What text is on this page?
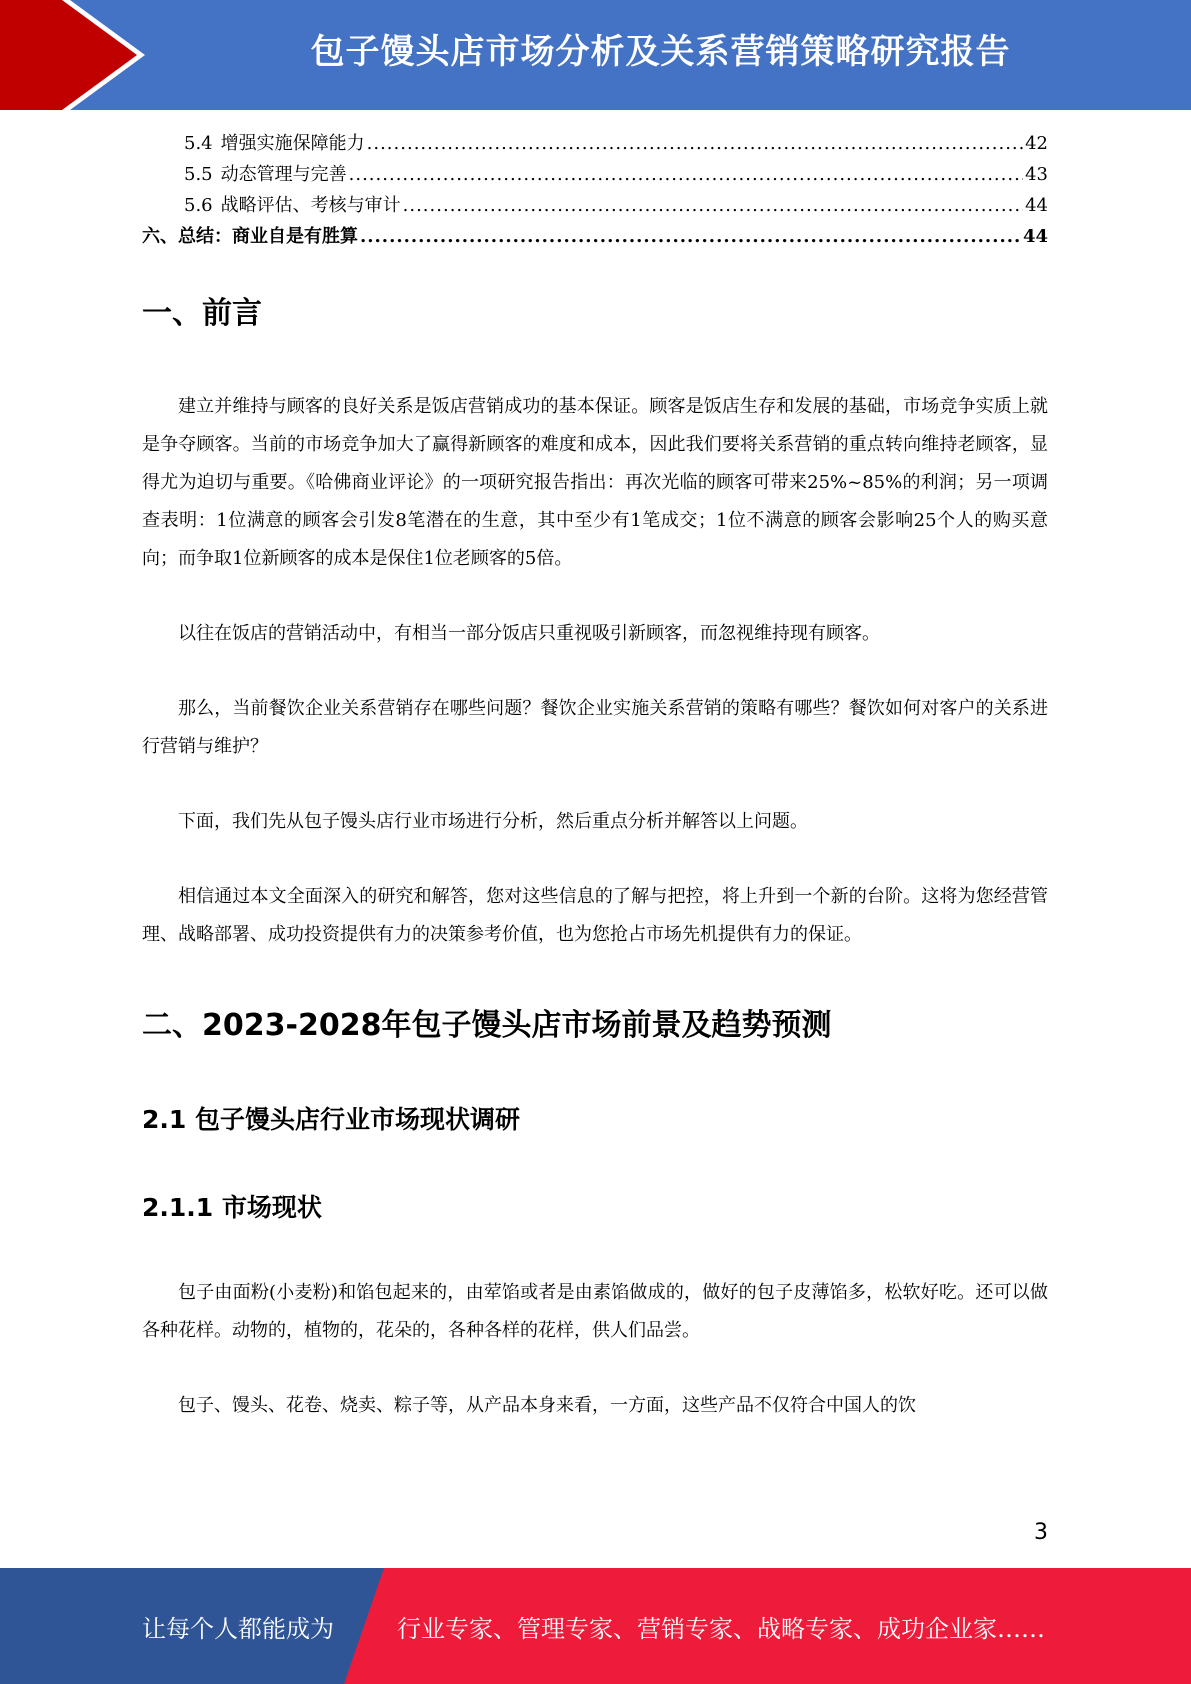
包子馒头店市场分析及关系营销策略研究报告
5.4 增强实施保障能力 .....	42
5.5 动态管理与完善 .....	43
5.6 战略评估、考核与审计 .....	44
六、总结：商业自是有胜算 .....	44
一、前言

建立并维持与顾客的良好关系是饭店营销成功的基本保证。顾客是饭店生存和发展的基础，市场竞争实质上就是争夺顾客。当前的市场竞争加大了赢得新顾客的难度和成本，因此我们要将关系营销的重点转向维持老顾客，显得尤为迫切与重要。《哈佛商业评论》的一项研究报告指出：再次光临的顾客可带来25%~85%的利润；另一项调查表明：1位满意的顾客会引发8笔潜在的生意，其中至少有1笔成交；1位不满意的顾客会影响25个人的购买意向；而争取1位新顾客的成本是保住1位老顾客的5倍。

以往在饭店的营销活动中，有相当一部分饭店只重视吸引新顾客，而忽视维持现有顾客。

那么，当前餐饮企业关系营销存在哪些问题？餐饮企业实施关系营销的策略有哪些？餐饮如何对客户的关系进行营销与维护？

下面，我们先从包子馒头店行业市场进行分析，然后重点分析并解答以上问题。

相信通过本文全面深入的研究和解答，您对这些信息的了解与把控，将上升到一个新的台阶。这将为您经营管理、战略部署、成功投资提供有力的决策参考价值，也为您抢占市场先机提供有力的保证。

二、2023-2028年包子馒头店市场前景及趋势预测
2.1 包子馒头店行业市场现状调研
2.1.1 市场现状

包子由面粉(小麦粉)和馅包起来的，由荤馅或者是由素馅做成的，做好的包子皮薄馅多，松软好吃。还可以做各种花样。动物的，植物的，花朵的，各种各样的花样，供人们品尝。

包子、馒头、花卷、烧卖、粽子等，从产品本身来看，一方面，这些产品不仅符合中国人的饮

3
让每个人都能成为	行业专家、管理专家、营销专家、战略专家、成功企业家……
